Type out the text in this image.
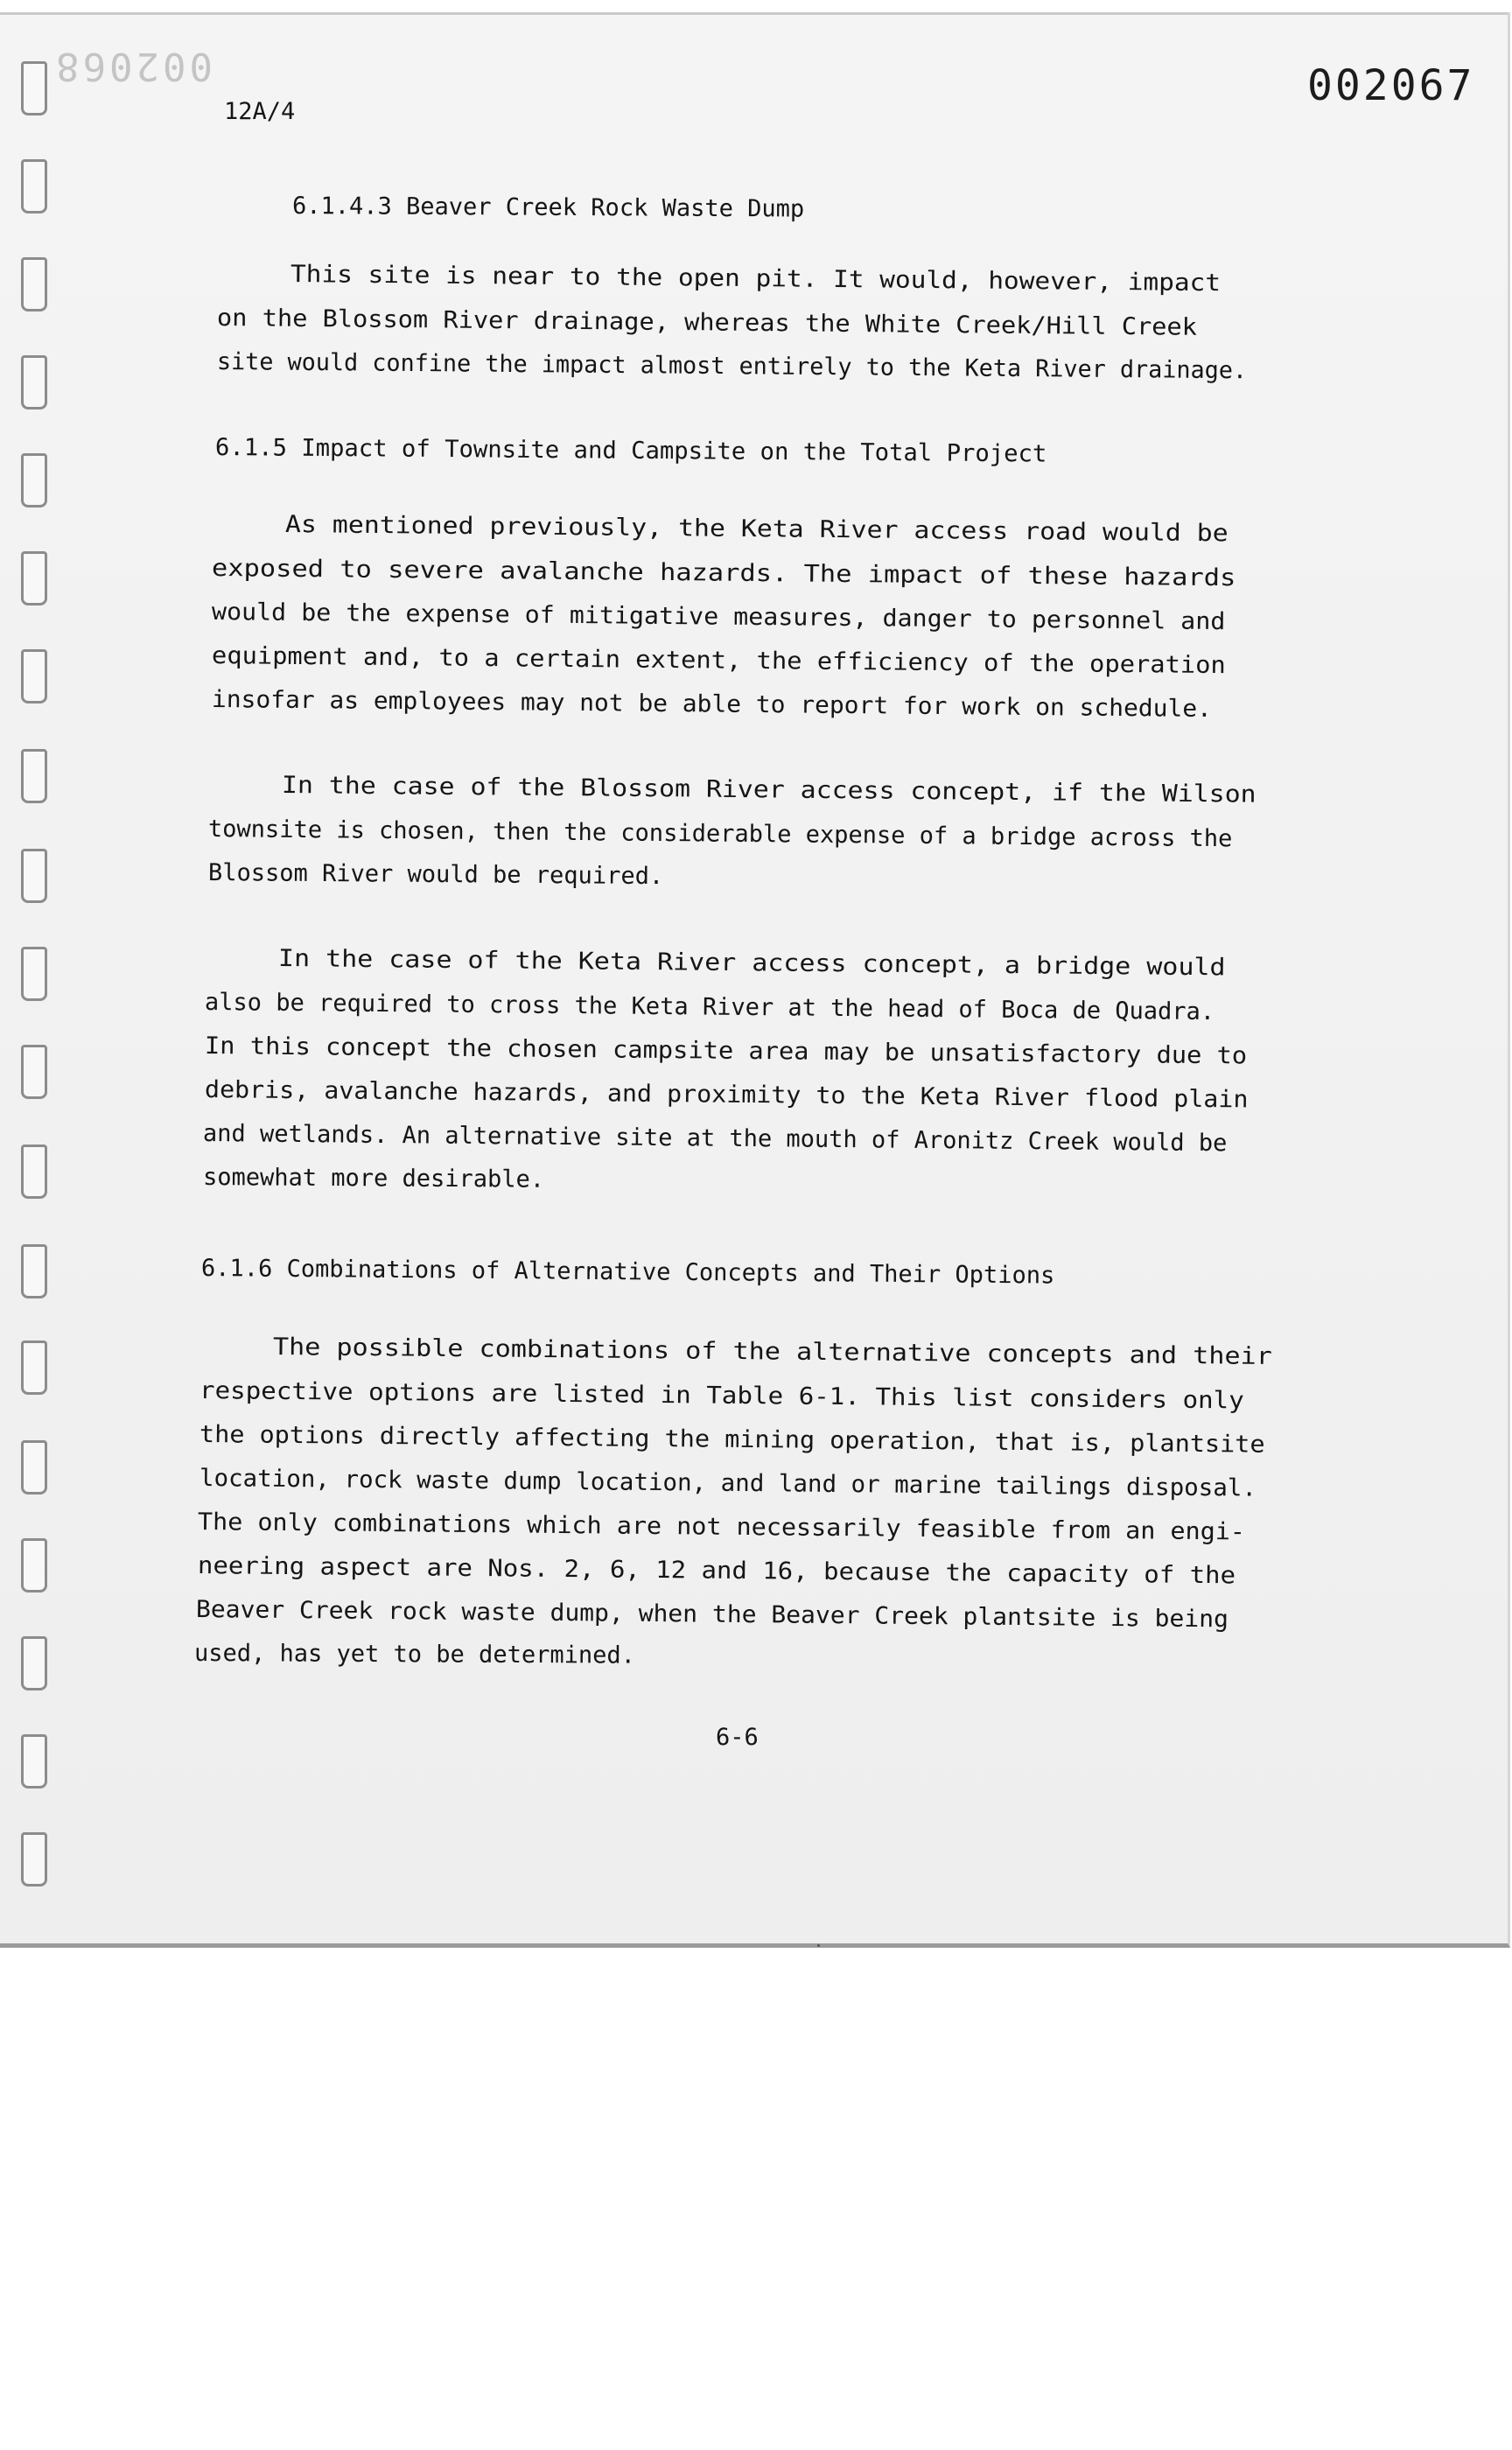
002068	002067
12A/4
6.1.4.3 Beaver Creek Rock Waste Dump
This site is near to the open pit. It would, however, impact
on the Blossom River drainage, whereas the White Creek/Hill Creek
site would confine the impact almost entirely to the Keta River drainage.
6.1.5 Impact of Townsite and Campsite on the Total Project
As mentioned previously, the Keta River access road would be
exposed to severe avalanche hazards. The impact of these hazards
would be the expense of mitigative measures, danger to personnel and
equipment and, to a certain extent, the efficiency of the operation
insofar as employees may not be able to report for work on schedule.
In the case of the Blossom River access concept, if the Wilson
townsite is chosen, then the considerable expense of a bridge across the
Blossom River would be required.
In the case of the Keta River access concept, a bridge would
also be required to cross the Keta River at the head of Boca de Quadra.
In this concept the chosen campsite area may be unsatisfactory due to
debris, avalanche hazards, and proximity to the Keta River flood plain
and wetlands. An alternative site at the mouth of Aronitz Creek would be
somewhat more desirable.
6.1.6 Combinations of Alternative Concepts and Their Options
The possible combinations of the alternative concepts and their
respective options are listed in Table 6-1. This list considers only
the options directly affecting the mining operation, that is, plantsite
location, rock waste dump location, and land or marine tailings disposal.
The only combinations which are not necessarily feasible from an engi-
neering aspect are Nos. 2, 6, 12 and 16, because the capacity of the
Beaver Creek rock waste dump, when the Beaver Creek plantsite is being
used, has yet to be determined.
6-6
